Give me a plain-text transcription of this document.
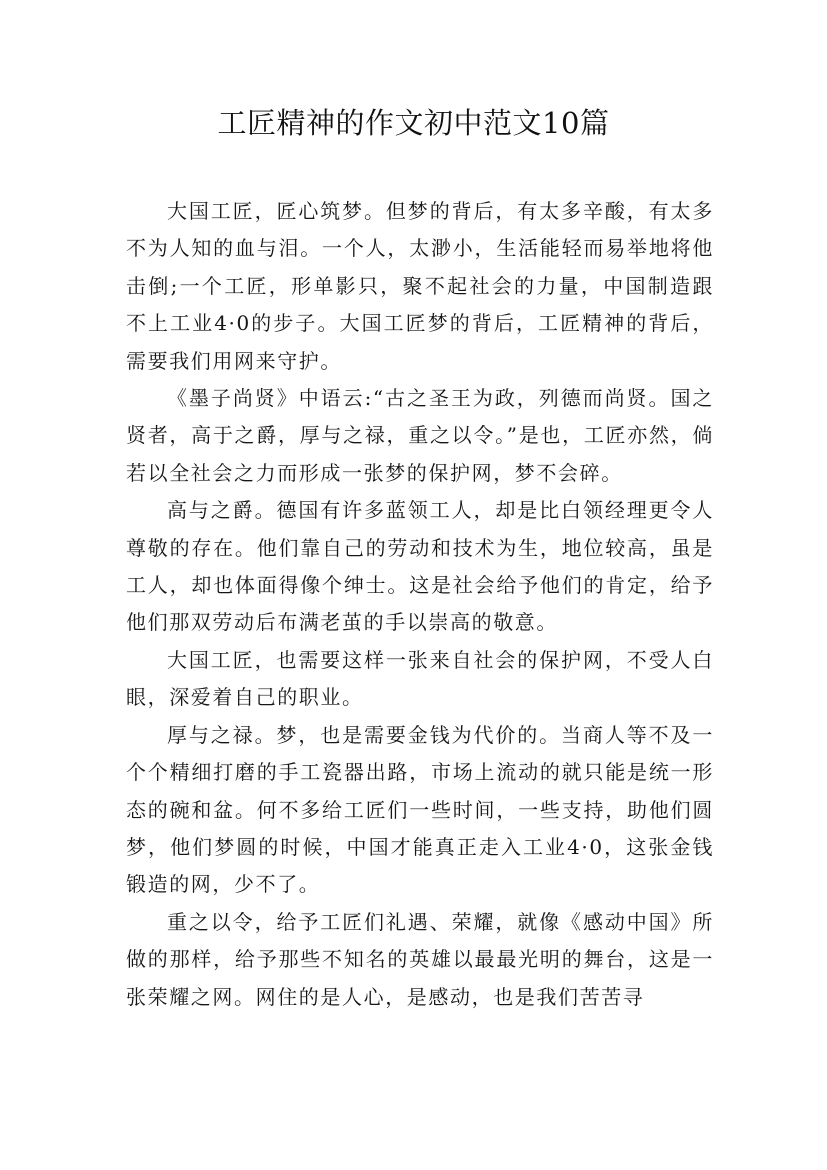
工匠精神的作文初中范文10篇

大国工匠，匠心筑梦。但梦的背后，有太多辛酸，有太多不为人知的血与泪。一个人，太渺小，生活能轻而易举地将他击倒;一个工匠，形单影只，聚不起社会的力量，中国制造跟不上工业4·0的步子。大国工匠梦的背后，工匠精神的背后，需要我们用网来守护。

《墨子尚贤》中语云:“古之圣王为政，列德而尚贤。国之贤者，高于之爵，厚与之禄，重之以令。”是也，工匠亦然，倘若以全社会之力而形成一张梦的保护网，梦不会碎。

高与之爵。德国有许多蓝领工人，却是比白领经理更令人尊敬的存在。他们靠自己的劳动和技术为生，地位较高，虽是工人，却也体面得像个绅士。这是社会给予他们的肯定，给予他们那双劳动后布满老茧的手以崇高的敬意。

大国工匠，也需要这样一张来自社会的保护网，不受人白眼，深爱着自己的职业。

厚与之禄。梦，也是需要金钱为代价的。当商人等不及一个个精细打磨的手工瓷器出路，市场上流动的就只能是统一形态的碗和盆。何不多给工匠们一些时间，一些支持，助他们圆梦，他们梦圆的时候，中国才能真正走入工业4·0，这张金钱锻造的网，少不了。

重之以令，给予工匠们礼遇、荣耀，就像《感动中国》所做的那样，给予那些不知名的英雄以最最光明的舞台，这是一张荣耀之网。网住的是人心，是感动，也是我们苦苦寻
